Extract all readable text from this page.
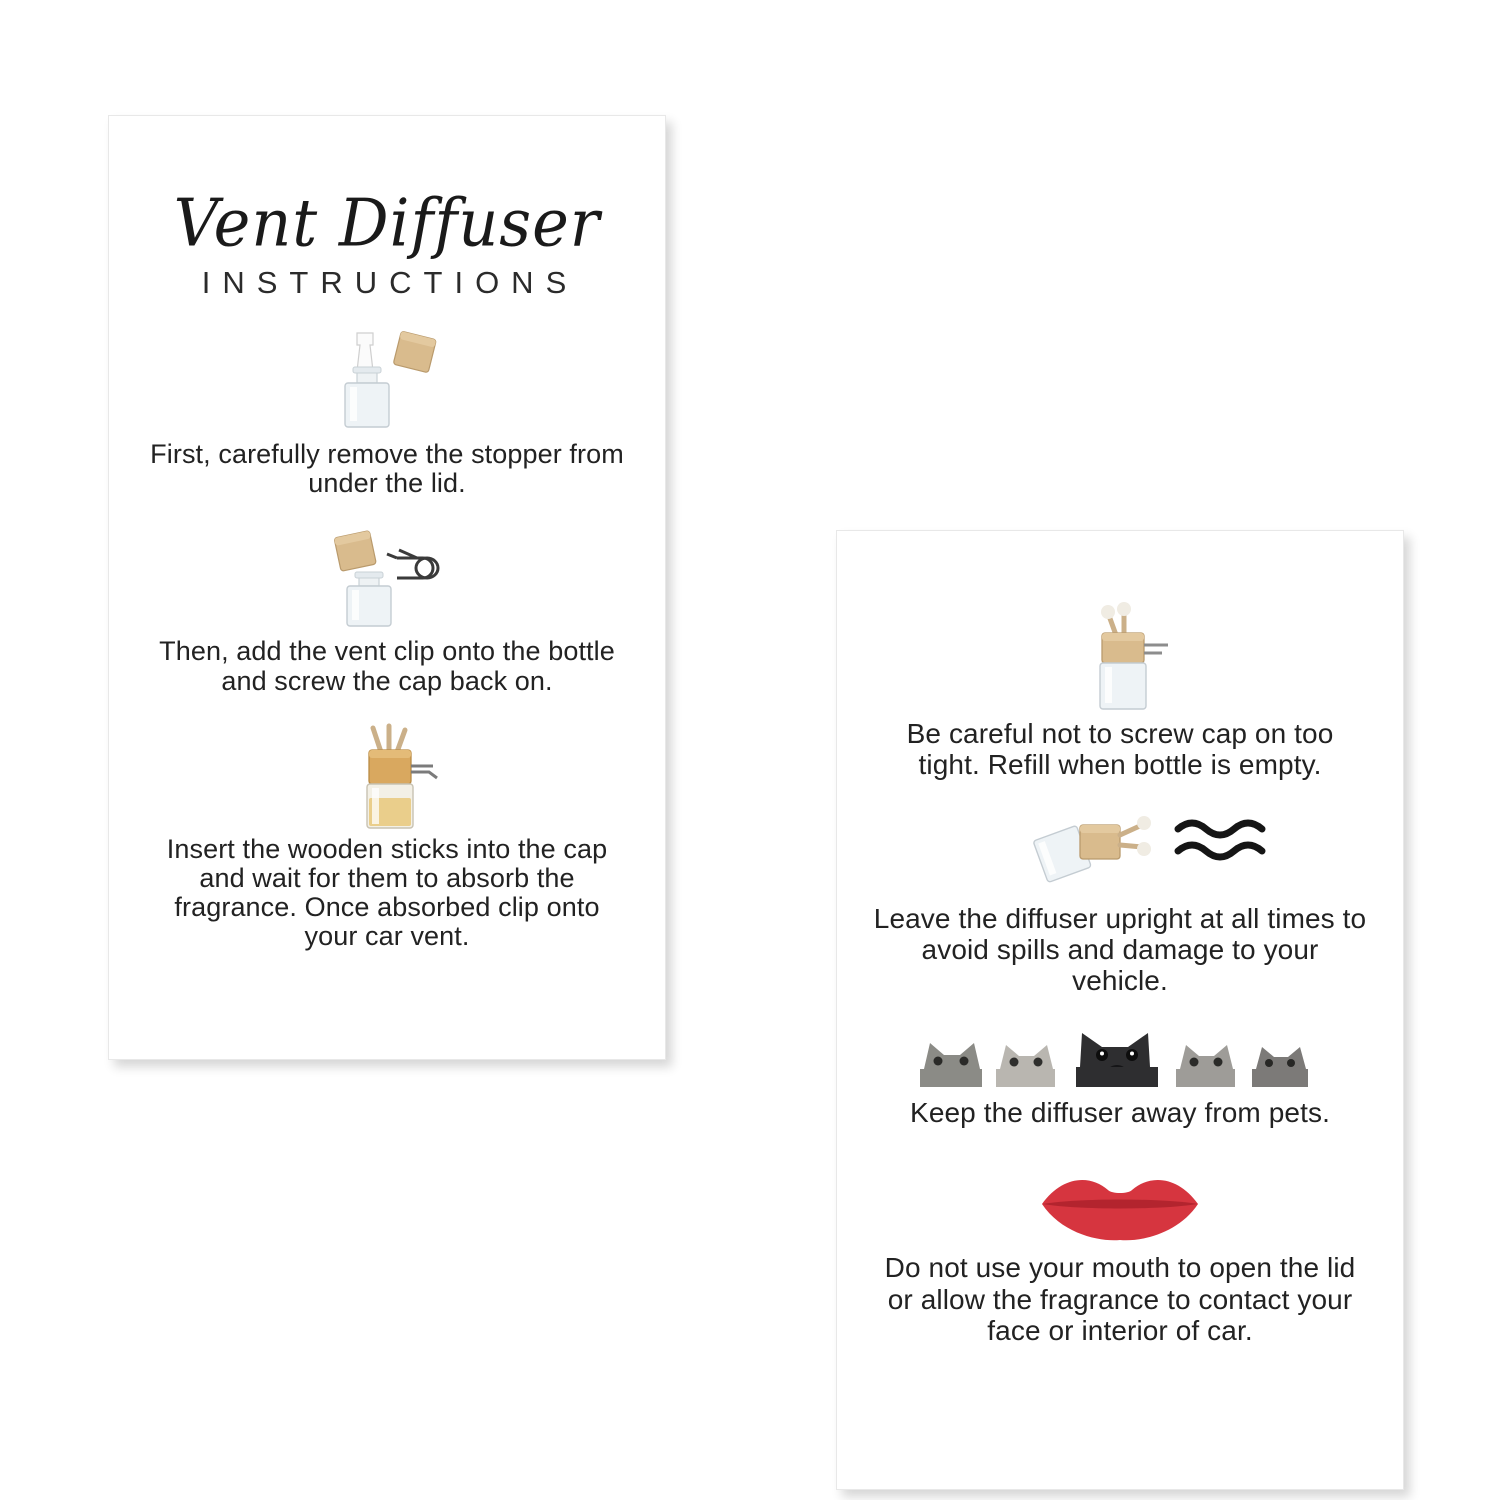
Vent Diffuser
INSTRUCTIONS
First, carefully remove the stopper from under the lid.
Then, add the vent clip onto the bottle and screw the cap back on.
Insert the wooden sticks into the cap and wait for them to absorb the fragrance. Once absorbed clip onto your car vent.
Be careful not to screw cap on too tight. Refill when bottle is empty.
Leave the diffuser upright at all times to avoid spills and damage to your vehicle.
Keep the diffuser away from pets.
Do not use your mouth to open the lid or allow the fragrance to contact your face or interior of car.
